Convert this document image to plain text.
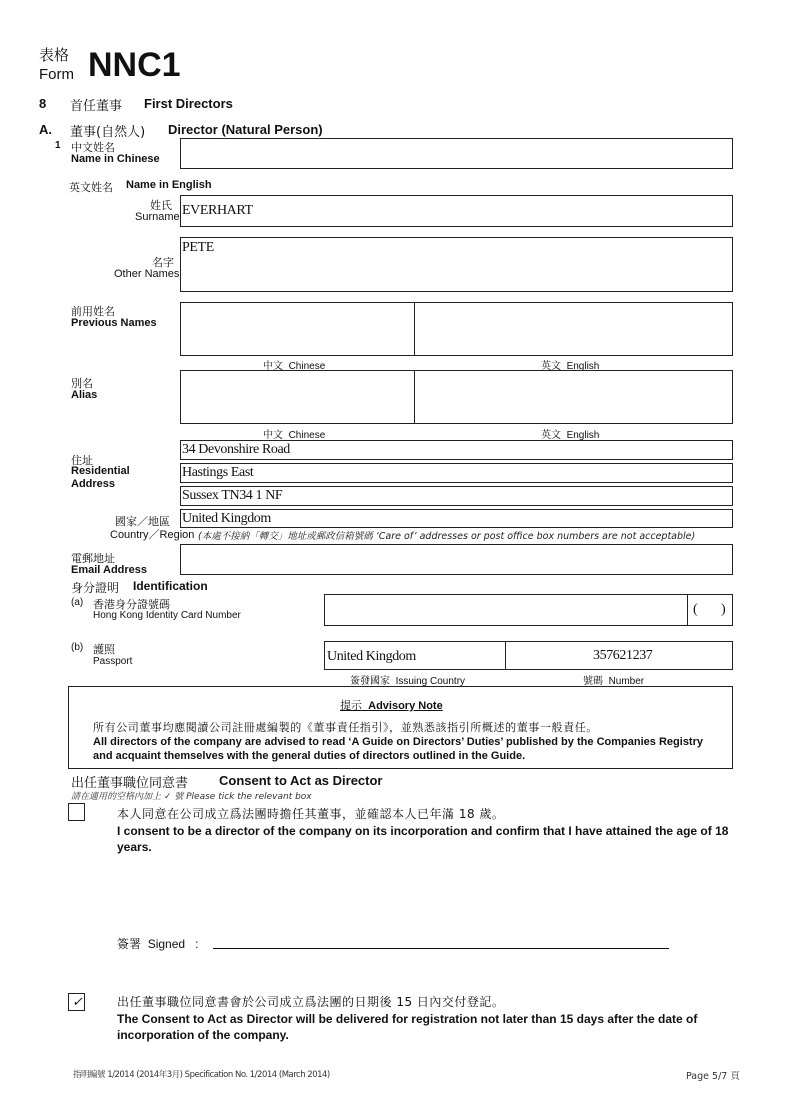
表格
Form NNC1
8 首任董事 First Directors
A. 董事(自然人) Director (Natural Person)
1 中文姓名
Name in Chinese
英文姓名 Name in English
姓氏
Surname EVERHART
名字
Other Names
PETE
前用姓名
Previous Names
中文 Chinese	英文 English
別名
Alias
中文 Chinese	英文 English
住址
Residential
Address
34 Devonshire Road
Hastings East
Sussex TN34 1 NF
國家／地區
Country／Region
United Kingdom
(本處不接納「轉交」地址或郵政信箱號碼 ‘Care of’ addresses or post office box numbers are not acceptable)
電郵地址
Email Address
身分證明 Identification
(a) 香港身分證號碼
Hong Kong Identity Card Number	( )
(b) 護照
Passport	United Kingdom	357621237
簽發國家 Issuing Country	號碼 Number
提示 Advisory Note
所有公司董事均應閱讀公司註冊處編製的《董事責任指引》，並熟悉該指引所概述的董事一般責任。
All directors of the company are advised to read ‘A Guide on Directors’ Duties’ published by the Companies Registry and acquaint themselves with the general duties of directors outlined in the Guide.
出任董事職位同意書 Consent to Act as Director
請在適用的空格內加上 ✓ 號 Please tick the relevant box
本人同意在公司成立爲法團時擔任其董事，並確認本人已年滿 18 歲。
I consent to be a director of the company on its incorporation and confirm that I have attained the age of 18 years.
簽署 Signed :
✓	出任董事職位同意書會於公司成立爲法團的日期後 15 日內交付登記。
The Consent to Act as Director will be delivered for registration not later than 15 days after the date of incorporation of the company.
指明編號 1/2014 (2014年3月) Specification No. 1/2014 (March 2014)	Page 5/7 頁
